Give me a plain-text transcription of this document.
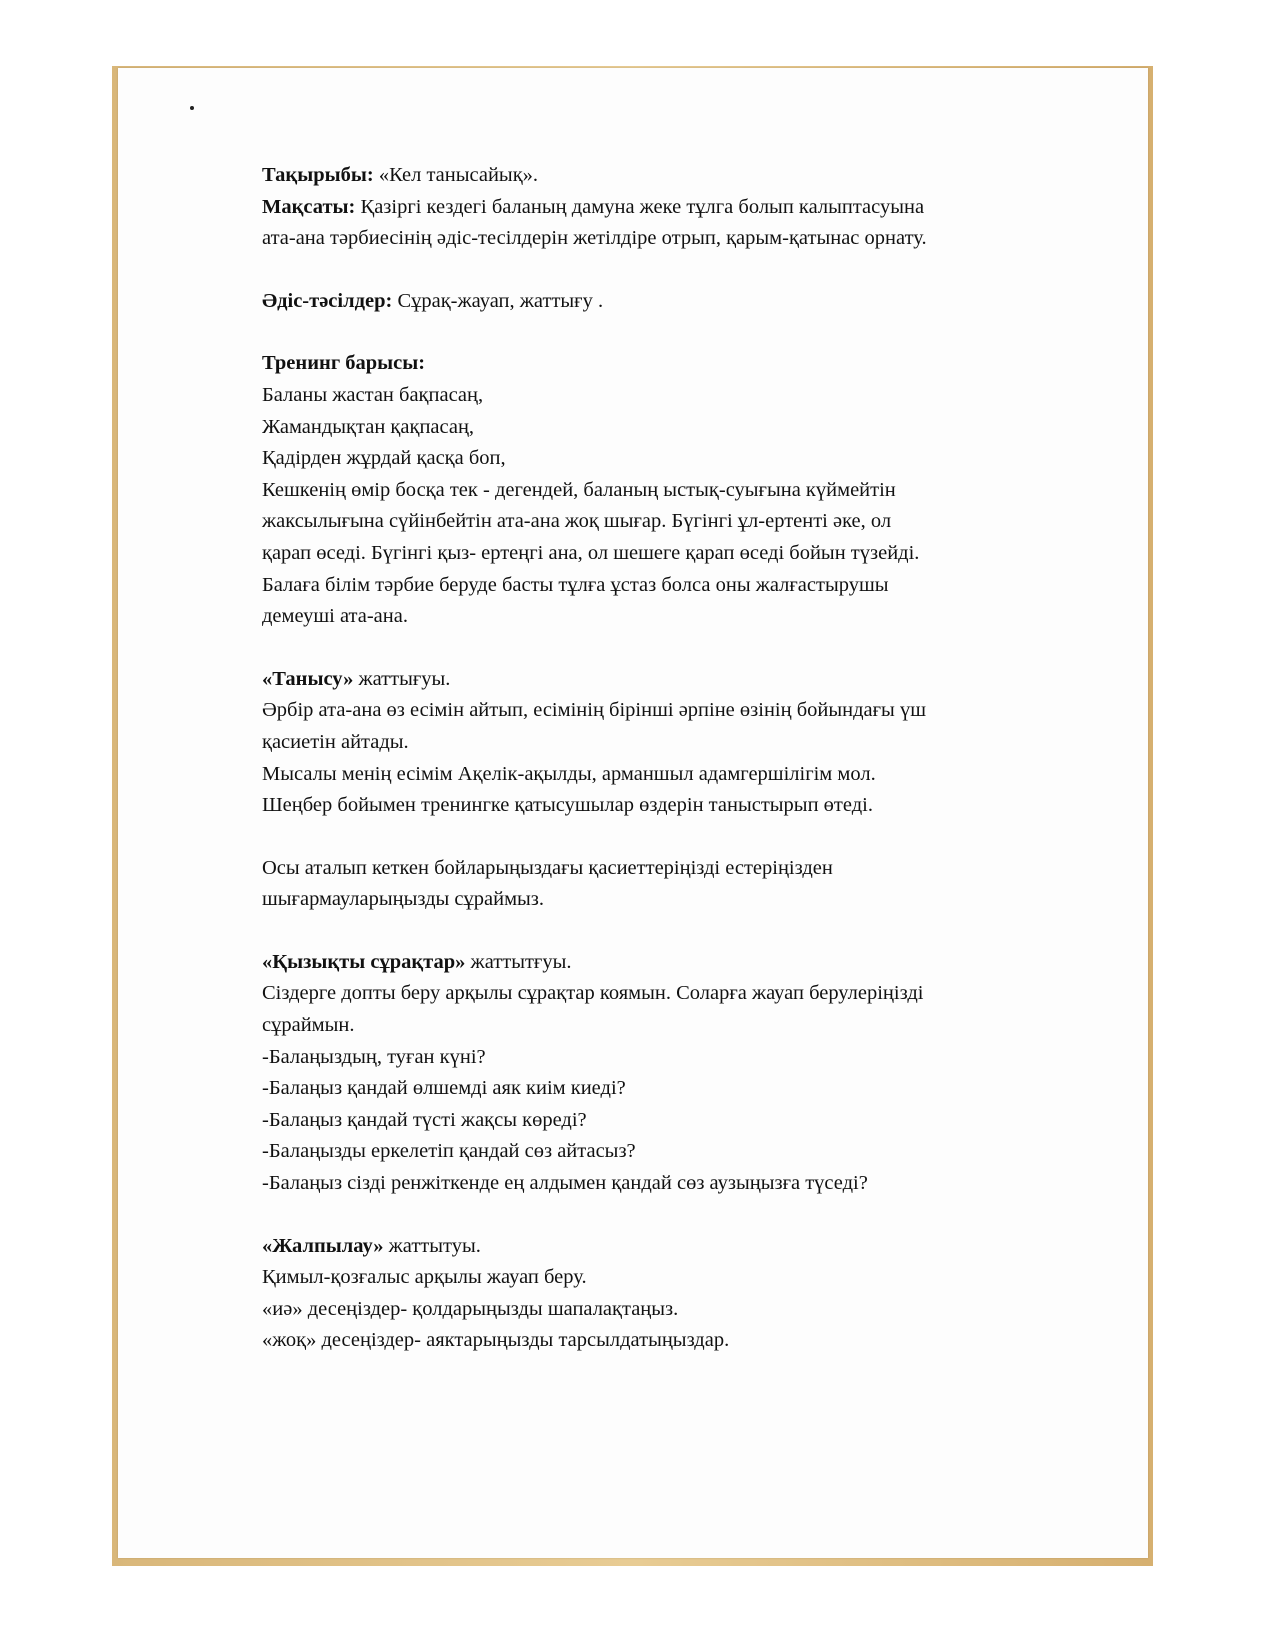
Тақырыбы: «Кел танысайық».

Мақсаты: Қазіргі кездегі баланың дамуна жеке тұлга болып калыптасуына

ата-ана тәрбиесінің әдіс-тесілдерін жетілдіре отрып, қарым-қатынас орнату.

Әдіс-тәсілдер: Сұрақ-жауап, жаттығу .

Тренинг барысы:

Баланы жастан бақпасаң,

Жамандықтан қақпасаң,

Қадірден жұрдай қасқа боп,

Кешкенің өмір босқа тек - дегендей, баланың ыстық-суығына күймейтін

жаксылығына сүйінбейтін ата-ана жоқ шығар. Бүгінгі ұл-ертенті әке, ол

қарап өседі. Бүгінгі қыз- ертеңгі ана, ол шешеге қарап өседі бойын түзейді.

Балаға білім тәрбие беруде басты тұлға ұстаз болса оны жалғастырушы

демеуші ата-ана.

«Танысу» жаттығуы.

Әрбір ата-ана өз есімін айтып, есімінің бірінші әрпіне өзінің бойындағы үш

қасиетін айтады.

Мысалы менің есімім Ақелік-ақылды, арманшыл адамгершілігім мол.

Шеңбер бойымен тренингке қатысушылар өздерін таныстырып өтеді.

Осы аталып кеткен бойларыңыздағы қасиеттеріңізді естеріңізден

шығармауларыңызды сұраймыз.

«Қызықты сұрақтар» жаттытғуы.

Сіздерге допты беру арқылы сұрақтар коямын. Соларға жауап берулеріңізді

сұраймын.

-Балаңыздың, туған күні?

-Балаңыз қандай өлшемді аяк киім киеді?

-Балаңыз қандай түсті жақсы көреді?

-Балаңызды еркелетіп қандай сөз айтасыз?

-Балаңыз сізді ренжіткенде ең алдымен қандай сөз аузыңызға түседі?

«Жалпылау» жаттытуы.

Қимыл-қозғалыс арқылы жауап беру.

«иә» десеңіздер- қолдарыңызды шапалақтаңыз.

«жоқ» десеңіздер- аяктарыңызды тарсылдатыңыздар.
